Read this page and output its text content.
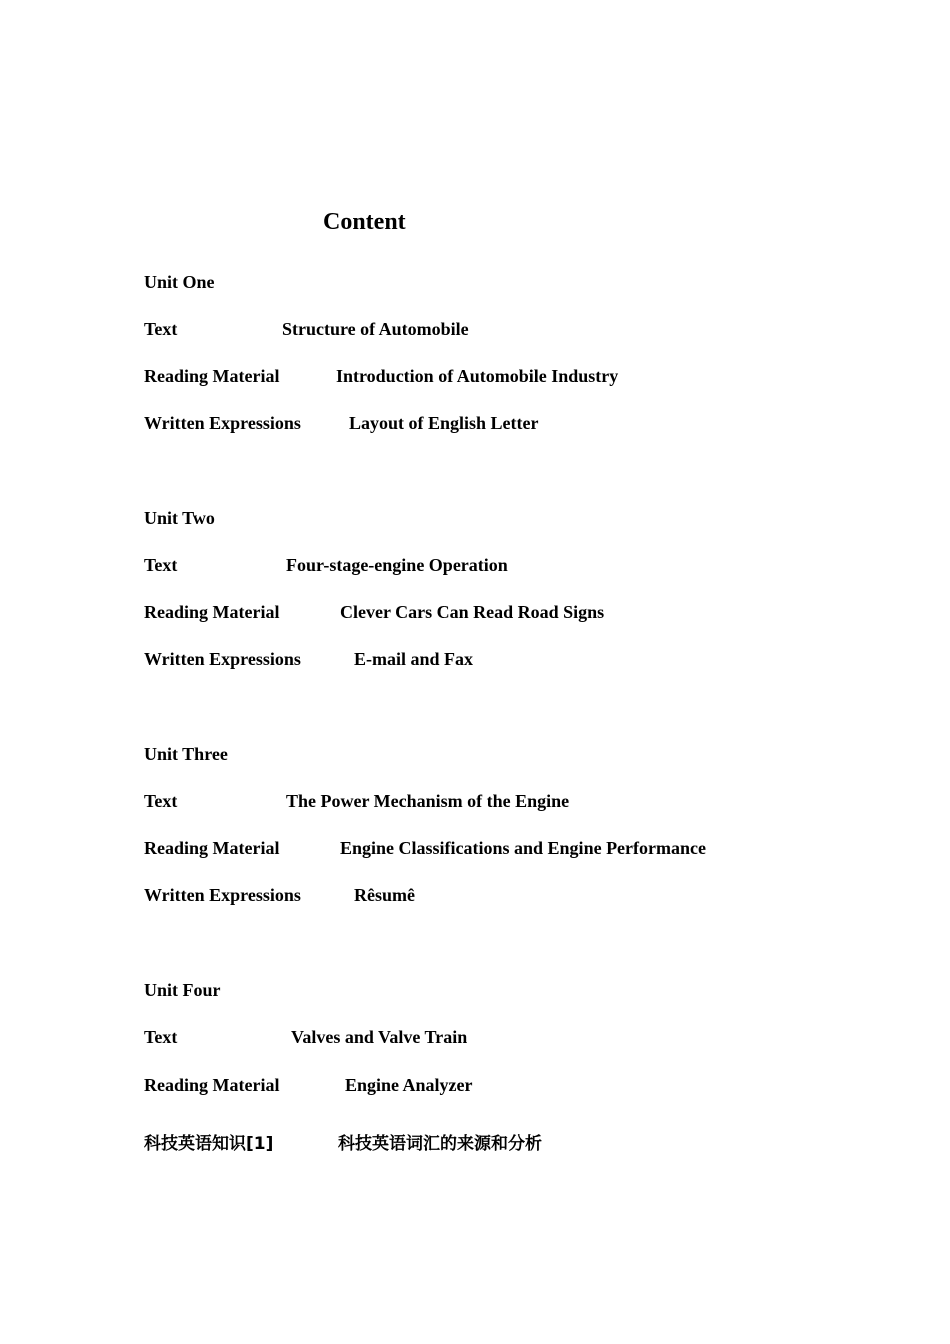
Content
Unit One
Text	Structure of Automobile
Reading Material	Introduction of Automobile Industry
Written Expressions	Layout of English Letter
Unit Two
Text	Four-stage-engine Operation
Reading Material	Clever Cars Can Read Road Signs
Written Expressions	E-mail and Fax
Unit Three
Text	The Power Mechanism of the Engine
Reading Material	Engine Classifications and Engine Performance
Written Expressions	Rêsumê
Unit Four
Text	Valves and Valve Train
Reading Material	Engine Analyzer
科技英语知识[1]	科技英语词汇的来源和分析
